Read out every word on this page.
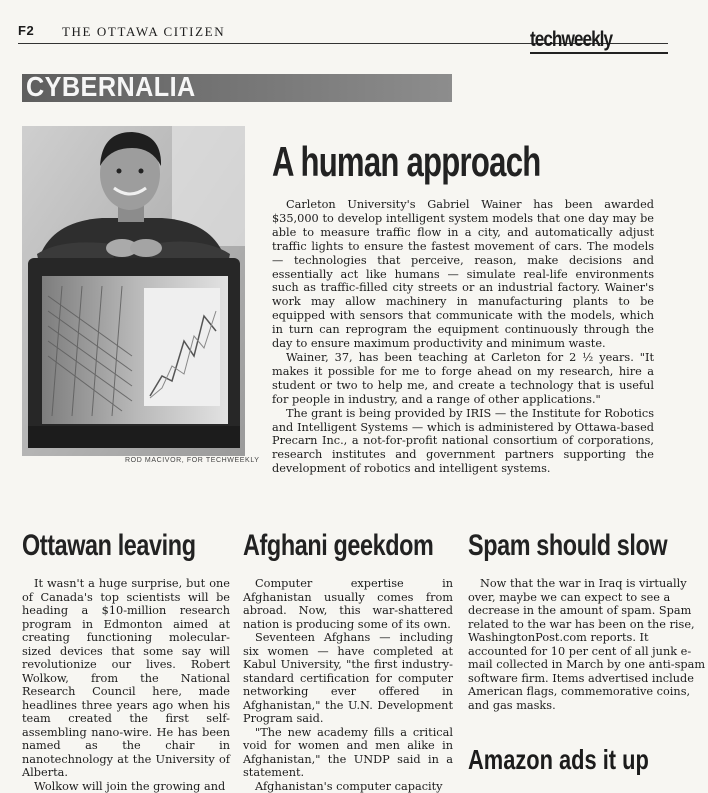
F2 THE OTTAWA CITIZEN	techweekly
CYBERNALIA
ROD MACIVOR, FOR TECHWEEKLY
A human approach

Carleton University's Gabriel Wainer has been awarded $35,000 to develop intelligent system models that one day may be able to measure traffic flow in a city, and automatically adjust traffic lights to ensure the fastest movement of cars. The models — technologies that perceive, reason, make decisions and essentially act like humans — simulate real-life environments such as traffic-filled city streets or an industrial factory. Wainer's work may allow machinery in manufacturing plants to be equipped with sensors that communicate with the models, which in turn can reprogram the equipment continuously through the day to ensure maximum productivity and minimum waste.

Wainer, 37, has been teaching at Carleton for 2 ½ years. "It makes it possible for me to forge ahead on my research, hire a student or two to help me, and create a technology that is useful for people in industry, and a range of other applications."

The grant is being provided by IRIS — the Institute for Robotics and Intelligent Systems — which is administered by Ottawa-based Precarn Inc., a not-for-profit national consortium of corporations, research institutes and government partners supporting the development of robotics and intelligent systems.

Ottawan leaving

It wasn't a huge surprise, but one of Canada's top scientists will be heading a $10-million research program in Edmonton aimed at creating functioning molecular-sized devices that some say will revolutionize our lives. Robert Wolkow, from the National Research Council here, made headlines three years ago when his team created the first self-assembling nano-wire. He has been named as the chair in nanotechnology at the University of Alberta.

Wolkow will join the growing and

Afghani geekdom

Computer expertise in Afghanistan usually comes from abroad. Now, this war-shattered nation is producing some of its own.

Seventeen Afghans — including six women — have completed at Kabul University, "the first industry-standard certification for computer networking ever offered in Afghanistan," the U.N. Development Program said.

"The new academy fills a critical void for women and men alike in Afghanistan," the UNDP said in a statement.

Afghanistan's computer capacity

Spam should slow

Now that the war in Iraq is virtually over, maybe we can expect to see a decrease in the amount of spam. Spam related to the war has been on the rise, WashingtonPost.com reports. It accounted for 10 per cent of all junk e-mail collected in March by one anti-spam software firm. Items advertised include American flags, commemorative coins, and gas masks.

Amazon ads it up
